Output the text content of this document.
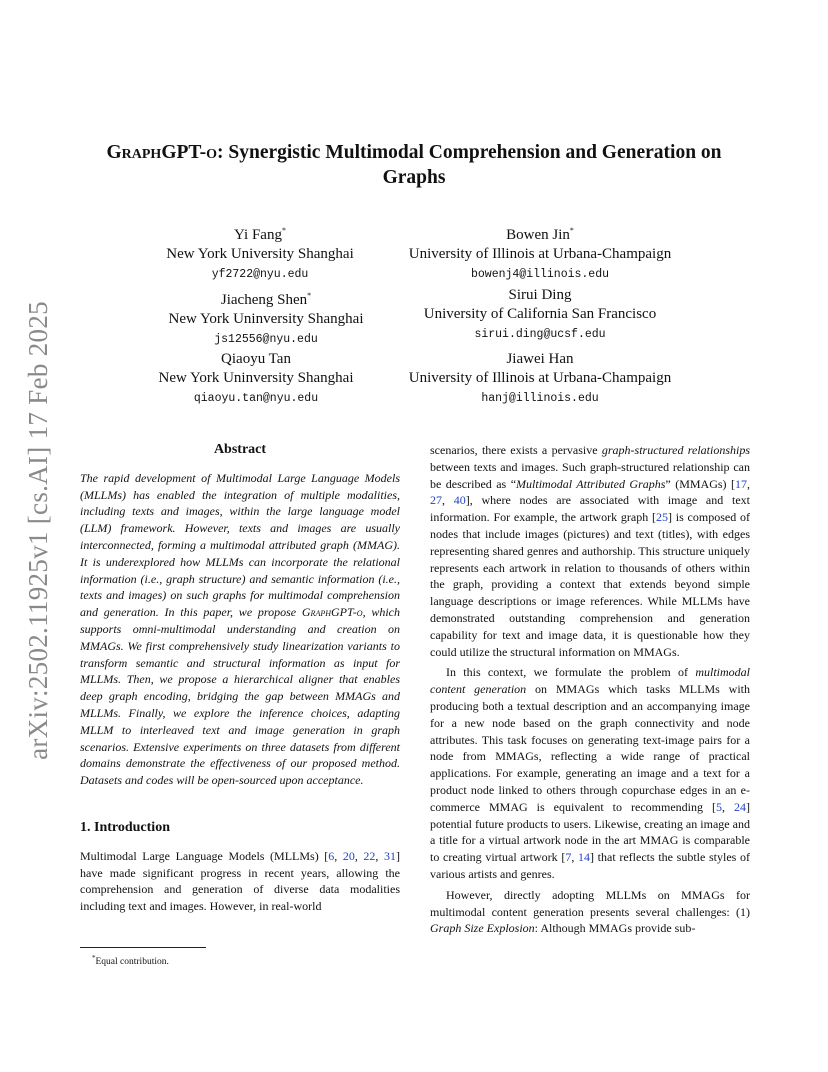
arXiv:2502.11925v1 [cs.AI] 17 Feb 2025
GraphGPT-o: Synergistic Multimodal Comprehension and Generation on
Graphs
Yi Fang*
New York University Shanghai
yf2722@nyu.edu
Bowen Jin*
University of Illinois at Urbana-Champaign
bowenj4@illinois.edu
Jiacheng Shen*
New York Uninversity Shanghai
js12556@nyu.edu
Sirui Ding
University of California San Francisco
sirui.ding@ucsf.edu
Qiaoyu Tan
New York Uninversity Shanghai
qiaoyu.tan@nyu.edu
Jiawei Han
University of Illinois at Urbana-Champaign
hanj@illinois.edu
Abstract

The rapid development of Multimodal Large Language Models (MLLMs) has enabled the integration of multiple modalities, including texts and images, within the large language model (LLM) framework. However, texts and images are usually interconnected, forming a multimodal attributed graph (MMAG). It is underexplored how MLLMs can incorporate the relational information (i.e., graph structure) and semantic information (i.e., texts and images) on such graphs for multimodal comprehension and generation. In this paper, we propose GraphGPT-o, which supports omni-multimodal understanding and creation on MMAGs. We first comprehensively study linearization variants to transform semantic and structural information as input for MLLMs. Then, we propose a hierarchical aligner that enables deep graph encoding, bridging the gap between MMAGs and MLLMs. Finally, we explore the inference choices, adapting MLLM to interleaved text and image generation in graph scenarios. Extensive experiments on three datasets from different domains demonstrate the effectiveness of our proposed method. Datasets and codes will be open-sourced upon acceptance.

1. Introduction

Multimodal Large Language Models (MLLMs) [6, 20, 22, 31] have made significant progress in recent years, allowing the comprehension and generation of diverse data modalities including text and images. However, in real-world

scenarios, there exists a pervasive graph-structured relationships between texts and images. Such graph-structured relationship can be described as “Multimodal Attributed Graphs” (MMAGs) [17, 27, 40], where nodes are associated with image and text information. For example, the artwork graph [25] is composed of nodes that include images (pictures) and text (titles), with edges representing shared genres and authorship. This structure uniquely represents each artwork in relation to thousands of others within the graph, providing a context that extends beyond simple language descriptions or image references. While MLLMs have demonstrated outstanding comprehension and generation capability for text and image data, it is questionable how they could utilize the structural information on MMAGs.

In this context, we formulate the problem of multimodal content generation on MMAGs which tasks MLLMs with producing both a textual description and an accompanying image for a new node based on the graph connectivity and node attributes. This task focuses on generating text-image pairs for a node from MMAGs, reflecting a wide range of practical applications. For example, generating an image and a text for a product node linked to others through copurchase edges in an e-commerce MMAG is equivalent to recommending [5, 24] potential future products to users. Likewise, creating an image and a title for a virtual artwork node in the art MMAG is comparable to creating virtual artwork [7, 14] that reflects the subtle styles of various artists and genres.

However, directly adopting MLLMs on MMAGs for multimodal content generation presents several challenges: (1) Graph Size Explosion: Although MMAGs provide sub-

*Equal contribution.
